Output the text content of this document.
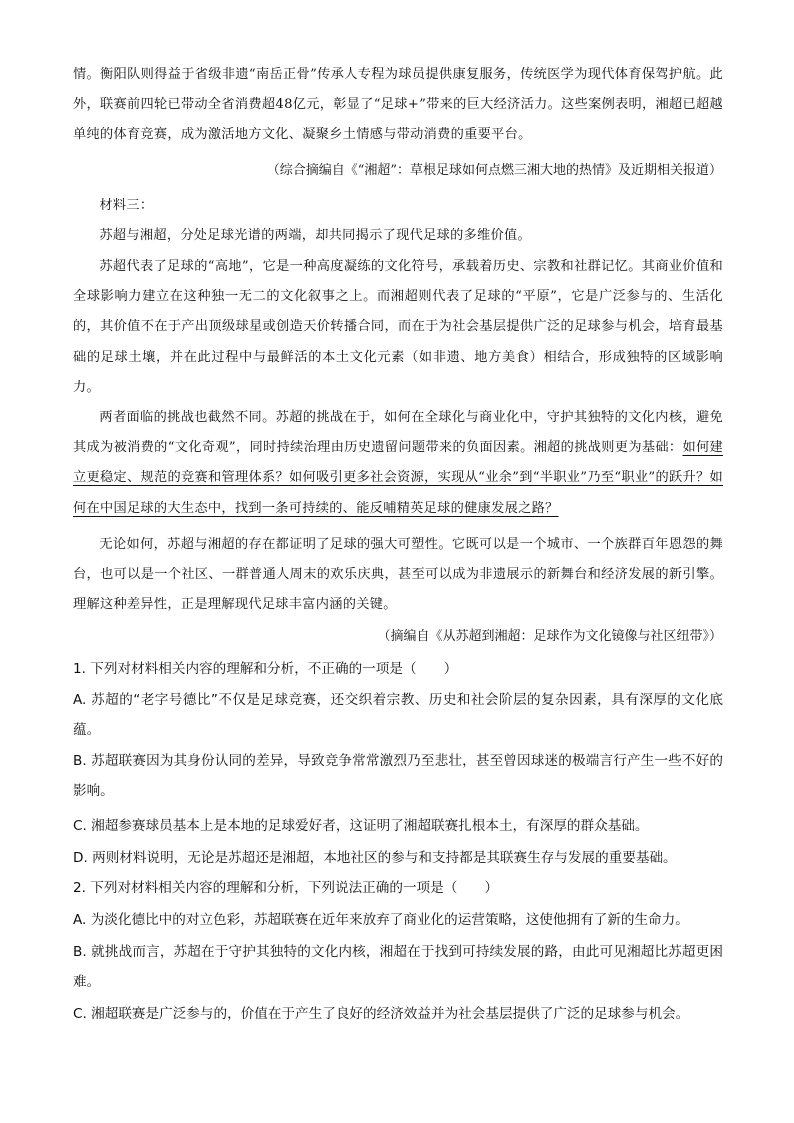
情。衡阳队则得益于省级非遗“南岳正骨”传承人专程为球员提供康复服务，传统医学为现代体育保驾护航。此外，联赛前四轮已带动全省消费超48亿元，彰显了“足球+”带来的巨大经济活力。这些案例表明，湘超已超越单纯的体育竞赛，成为激活地方文化、凝聚乡土情感与带动消费的重要平台。

（综合摘编自《“湘超”：草根足球如何点燃三湘大地的热情》及近期相关报道）

材料三：

苏超与湘超，分处足球光谱的两端，却共同揭示了现代足球的多维价值。

苏超代表了足球的“高地”，它是一种高度凝练的文化符号，承载着历史、宗教和社群记忆。其商业价值和全球影响力建立在这种独一无二的文化叙事之上。而湘超则代表了足球的“平原”，它是广泛参与的、生活化的，其价值不在于产出顶级球星或创造天价转播合同，而在于为社会基层提供广泛的足球参与机会，培育最基础的足球土壤，并在此过程中与最鲜活的本土文化元素（如非遗、地方美食）相结合，形成独特的区域影响力。

两者面临的挑战也截然不同。苏超的挑战在于，如何在全球化与商业化中，守护其独特的文化内核，避免其成为被消费的“文化奇观”，同时持续治理由历史遗留问题带来的负面因素。湘超的挑战则更为基础：如何建立更稳定、规范的竞赛和管理体系？如何吸引更多社会资源，实现从“业余”到“半职业”乃至“职业”的跃升？如何在中国足球的大生态中，找到一条可持续的、能反哺精英足球的健康发展之路？

无论如何，苏超与湘超的存在都证明了足球的强大可塑性。它既可以是一个城市、一个族群百年恩怨的舞台，也可以是一个社区、一群普通人周末的欢乐庆典，甚至可以成为非遗展示的新舞台和经济发展的新引擎。理解这种差异性，正是理解现代足球丰富内涵的关键。

（摘编自《从苏超到湘超：足球作为文化镜像与社区纽带》）

1. 下列对材料相关内容的理解和分析，不正确的一项是（　　）

A. 苏超的“老字号德比”不仅是足球竞赛，还交织着宗教、历史和社会阶层的复杂因素，具有深厚的文化底蕴。

B. 苏超联赛因为其身份认同的差异，导致竞争常常激烈乃至悲壮，甚至曾因球迷的极端言行产生一些不好的影响。

C. 湘超参赛球员基本上是本地的足球爱好者，这证明了湘超联赛扎根本土，有深厚的群众基础。

D. 两则材料说明，无论是苏超还是湘超，本地社区的参与和支持都是其联赛生存与发展的重要基础。

2. 下列对材料相关内容的理解和分析，下列说法正确的一项是（　　）

A. 为淡化德比中的对立色彩，苏超联赛在近年来放弃了商业化的运营策略，这使他拥有了新的生命力。

B. 就挑战而言，苏超在于守护其独特的文化内核，湘超在于找到可持续发展的路，由此可见湘超比苏超更困难。

C. 湘超联赛是广泛参与的，价值在于产生了良好的经济效益并为社会基层提供了广泛的足球参与机会。
